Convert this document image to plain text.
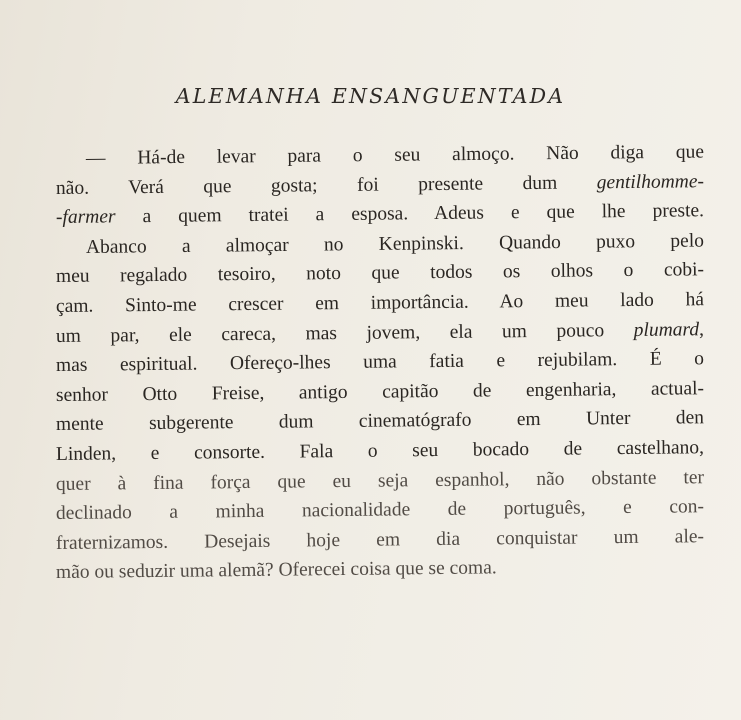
ALEMANHA ENSANGUENTADA
— Há-de levar para o seu almoço. Não diga que
não. Verá que gosta; foi presente dum gentilhomme-
-farmer a quem tratei a esposa. Adeus e que lhe preste.
Abanco a almoçar no Kenpinski. Quando puxo pelo
meu regalado tesoiro, noto que todos os olhos o cobi-
çam. Sinto-me crescer em importância. Ao meu lado há
um par, ele careca, mas jovem, ela um pouco plumard,
mas espiritual. Ofereço-lhes uma fatia e rejubilam. É o
senhor Otto Freise, antigo capitão de engenharia, actual-
mente subgerente dum cinematógrafo em Unter den
Linden, e consorte. Fala o seu bocado de castelhano,
quer à fina força que eu seja espanhol, não obstante ter
declinado a minha nacionalidade de português, e con-
fraternizamos. Desejais hoje em dia conquistar um ale-
mão ou seduzir uma alemã? Oferecei coisa que se coma.
